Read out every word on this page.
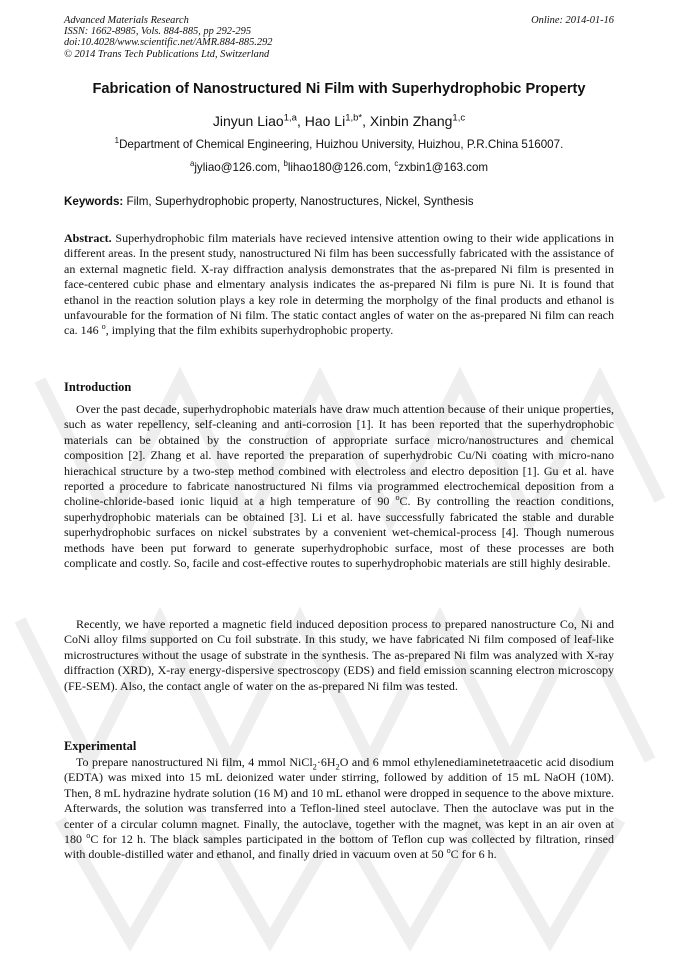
Advanced Materials Research
ISSN: 1662-8985, Vols. 884-885, pp 292-295
doi:10.4028/www.scientific.net/AMR.884-885.292
© 2014 Trans Tech Publications Ltd, Switzerland
Online: 2014-01-16
Fabrication of Nanostructured Ni Film with Superhydrophobic Property
Jinyun Liao$^{1,a}$, Hao $Li^{1,b*}$, Xinbin Zhang$^{1,c}$
$^1$Department of Chemical Engineering, Huizhou University, Huizhou, P.R.China 516007.
$^a$jyliao@126.com, $^b$lihao180@126.com, $^c$zxbin1@163.com
Keywords: Film, Superhydrophobic property, Nanostructures, Nickel, Synthesis
Abstract. Superhydrophobic film materials have recieved intensive attention owing to their wide applications in different areas. In the present study, nanostructured Ni film has been successfully fabricated with the assistance of an external magnetic field. X-ray diffraction analysis demonstrates that the as-prepared Ni film is presented in face-centered cubic phase and elmentary analysis indicates the as-prepared Ni film is pure Ni. It is found that ethanol in the reaction solution plays a key role in determing the morpholgy of the final products and ethanol is unfavourable for the formation of Ni film. The static contact angles of water on the as-prepared Ni film can reach ca. 146 $^o$, implying that the film exhibits superhydrophobic property.
Introduction
Over the past decade, superhydrophobic materials have draw much attention because of their unique properties, such as water repellency, self-cleaning and anti-corrosion [1]. It has been reported that the superhydrophobic materials can be obtained by the construction of appropriate surface micro/nanostructures and chemical composition [2]. Zhang et al. have reported the preparation of superhydrobic Cu/Ni coating with micro-nano hierachical structure by a two-step method combined with electroless and electro deposition [1]. Gu et al. have reported a procedure to fabricate nanostructured Ni films via programmed electrochemical deposition from a choline-chloride-based ionic liquid at a high temperature of 90 $^o$C. By controlling the reaction conditions, superhydrophobic materials can be obtained [3]. Li et al. have successfully fabricated the stable and durable superhydrophobic surfaces on nickel substrates by a convenient wet-chemical-process [4]. Though numerous methods have been put forward to generate superhydrophobic surface, most of these processes are both complicate and costly. So, facile and cost-effective routes to superhydrophobic materials are still highly desirable.
Recently, we have reported a magnetic field induced deposition process to prepared nanostructure Co, Ni and CoNi alloy films supported on Cu foil substrate. In this study, we have fabricated Ni film composed of leaf-like microstructures without the usage of substrate in the synthesis. The as-prepared Ni film was analyzed with X-ray diffraction (XRD), X-ray energy-dispersive spectroscopy (EDS) and field emission scanning electron microscopy (FE-SEM). Also, the contact angle of water on the as-prepared Ni film was tested.
Experimental
To prepare nanostructured Ni film, 4 mmol $NiCl_2\cdot 6H_2O$ and 6 mmol ethylenediaminetetraacetic acid disodium (EDTA) was mixed into 15 mL deionized water under stirring, followed by addition of 15 mL NaOH (10M). Then, 8 mL hydrazine hydrate solution (16 M) and 10 mL ethanol were dropped in sequence to the above mixture. Afterwards, the solution was transferred into a Teflon-lined steel autoclave. Then the autoclave was put in the center of a circular column magnet. Finally, the autoclave, together with the magnet, was kept in an air oven at 180 $^o$C for 12 h. The black samples participated in the bottom of Teflon cup was collected by filtration, rinsed with double-distilled water and ethanol, and finally dried in vacuum oven at 50 $^o$C for 6 h.
